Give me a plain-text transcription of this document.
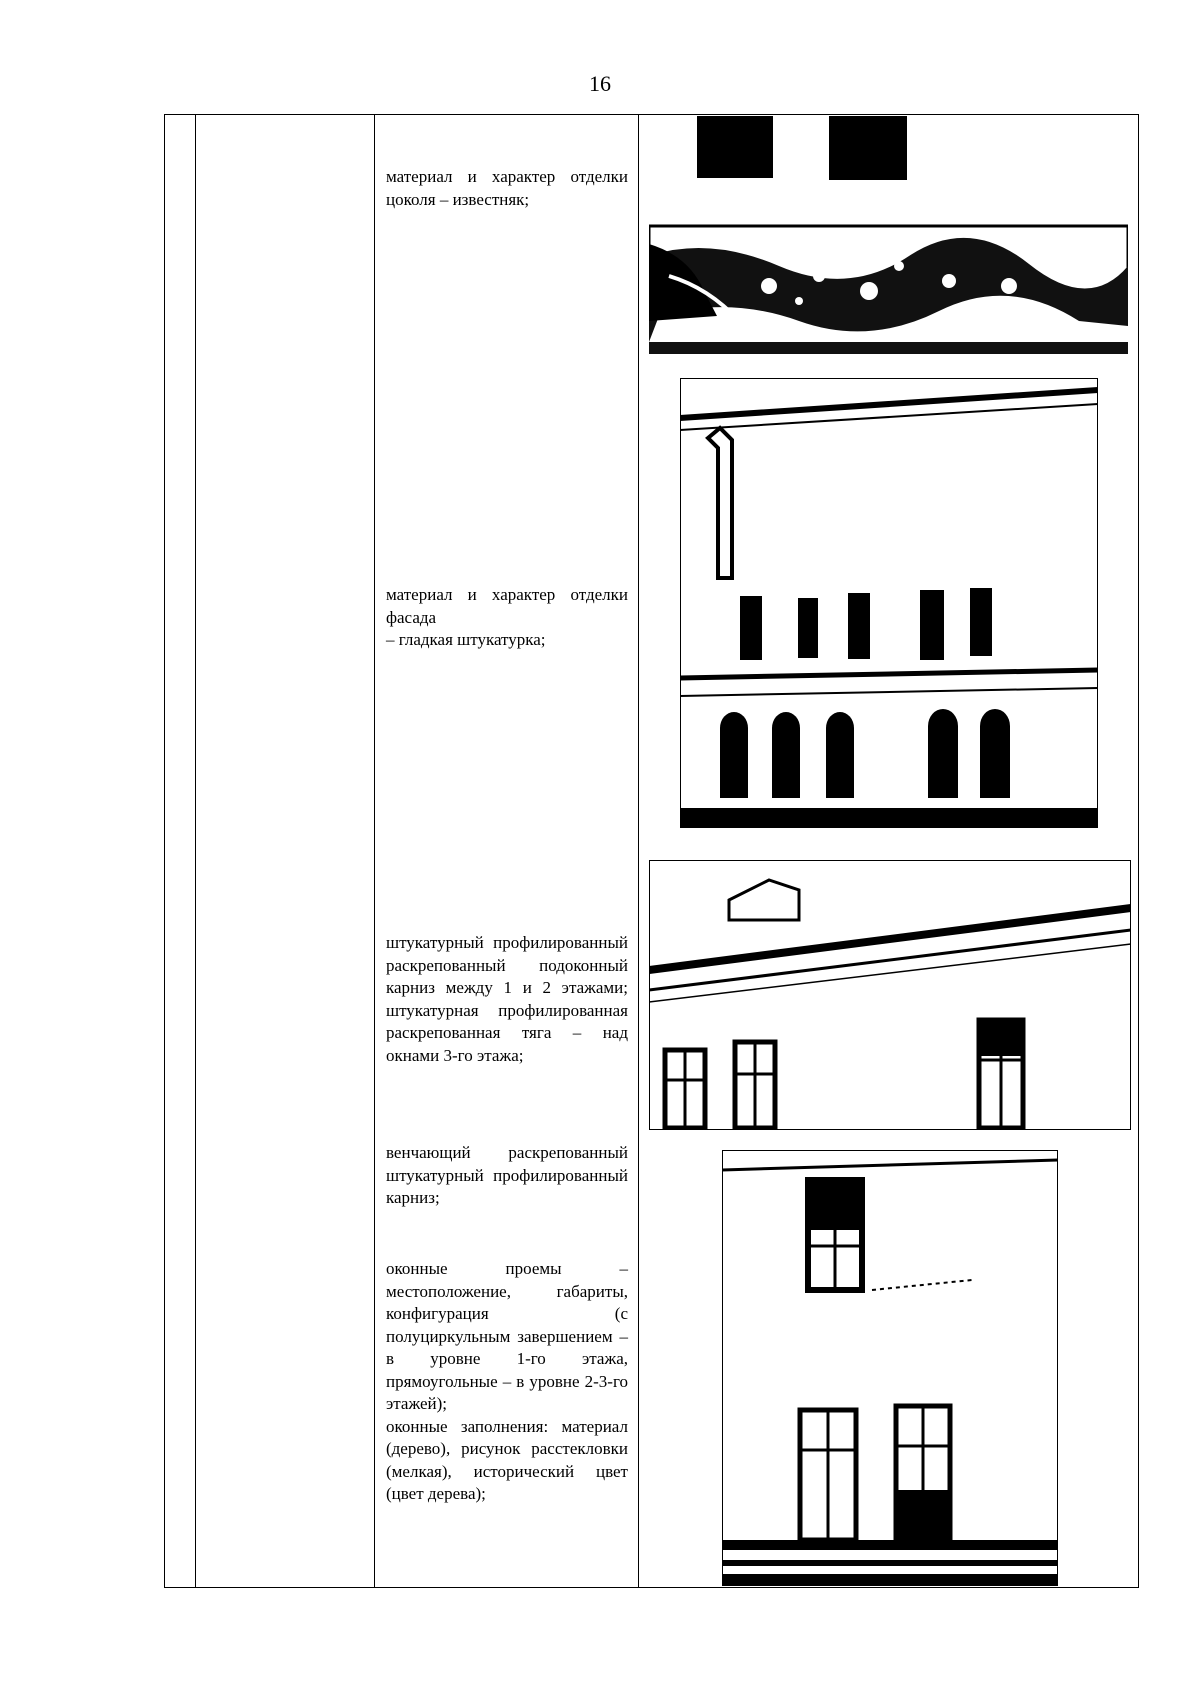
16
материал и характер отделки цоколя – известняк;
материал и характер отделки фасада
– гладкая штукатурка;
штукатурный профилированный раскрепованный подоконный карниз между 1 и 2 этажами; штукатурная профилированная раскрепованная тяга – над окнами 3-го этажа;
венчающий раскрепованный штукатурный профилированный карниз;
оконные проемы – местоположение, габариты, конфигурация (с полуциркульным завершением – в уровне 1-го этажа, прямоугольные – в уровне 2-3-го этажей);
оконные заполнения: материал (дерево), рисунок расстекловки (мелкая), исторический цвет (цвет дерева);
